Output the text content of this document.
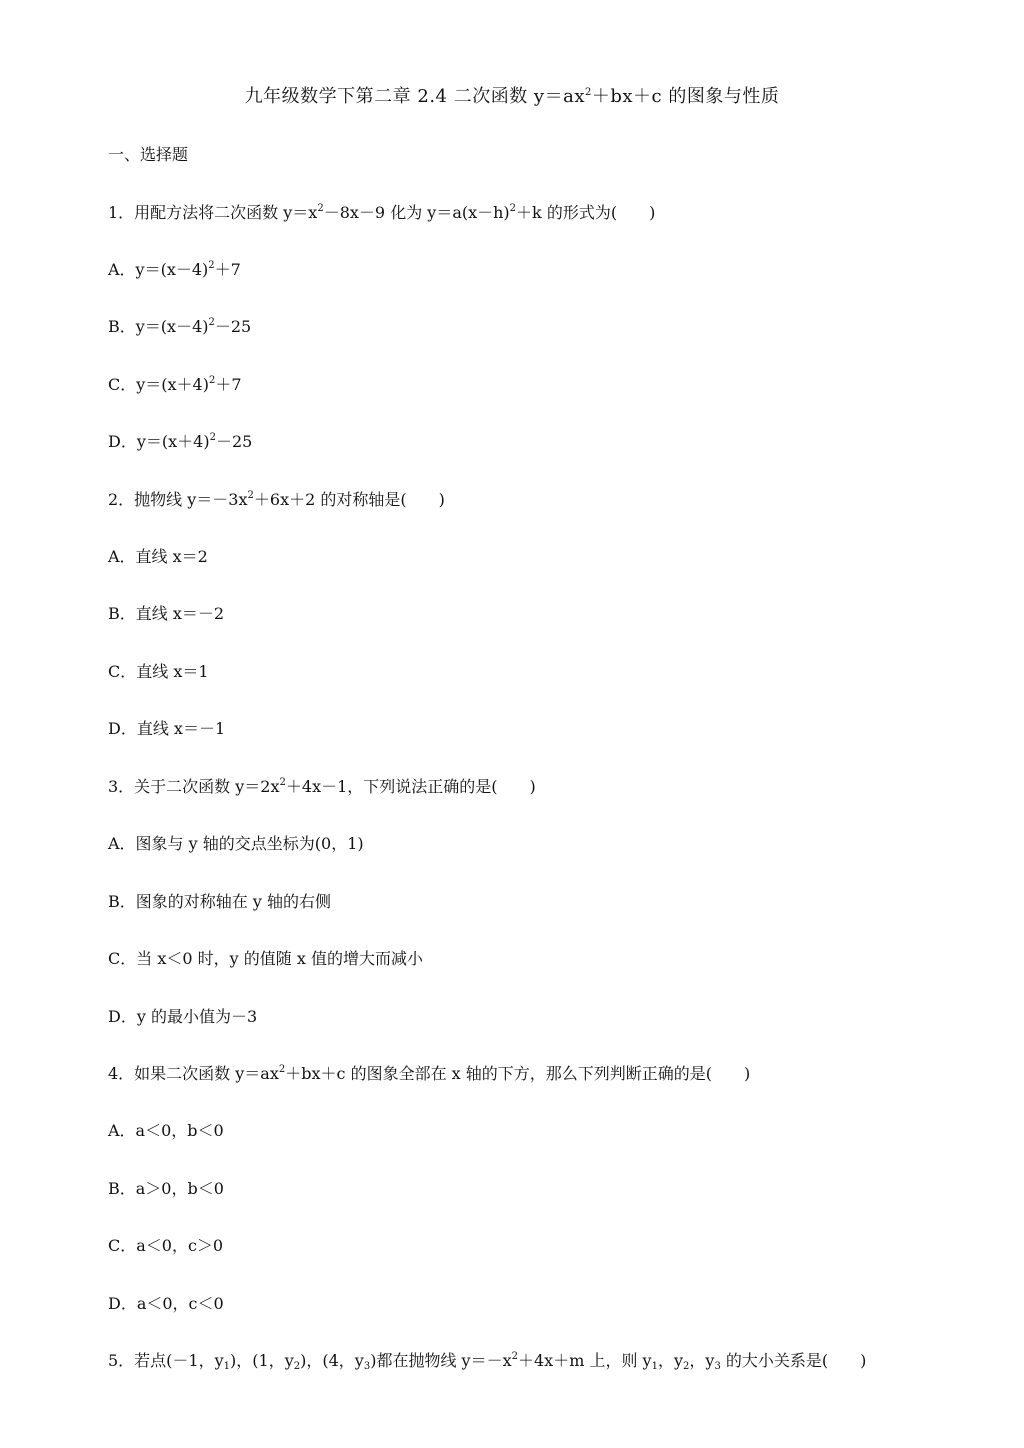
九年级数学下第二章 2.4 二次函数 $y=ax^2+bx+c$ 的图象与性质
一、选择题
1．用配方法将二次函数 $y=x^2-8x-9$ 化为 $y=a(x-h)^2+k$ 的形式为(　　)
A．$y=(x-4)^2+7$
B．$y=(x-4)^2-25$
C．$y=(x+4)^2+7$
D．$y=(x+4)^2-25$
2．抛物线 $y=-3x^2+6x+2$ 的对称轴是(　　)
A．直线 x＝2
B．直线 x＝－2
C．直线 x＝1
D．直线 x＝－1
3．关于二次函数 $y=2x^2+4x-1$，下列说法正确的是(　　)
A．图象与 y 轴的交点坐标为(0，1)
B．图象的对称轴在 y 轴的右侧
C．当 x＜0 时，y 的值随 x 值的增大而减小
D．y 的最小值为－3
4．如果二次函数 $y=ax^2+bx+c$ 的图象全部在 x 轴的下方，那么下列判断正确的是(　　)
A．a＜0，b＜0
B．a＞0，b＜0
C．a＜0，c＞0
D．a＜0，c＜0
5．若点(－1，$y_1$)，(1，$y_2$)，(4，$y_3$)都在抛物线 $y=-x^2+4x+m$ 上，则 $y_1$，$y_2$，$y_3$ 的大小关系是(　　)
